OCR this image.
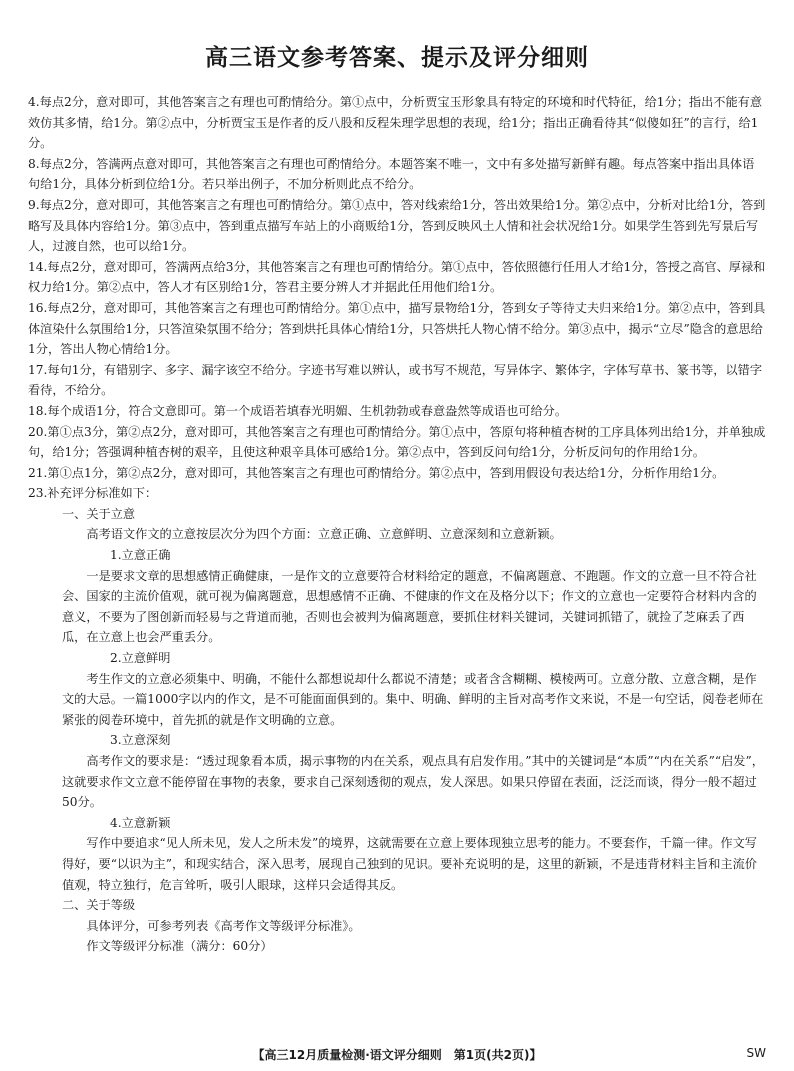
高三语文参考答案、提示及评分细则

4.每点2分，意对即可，其他答案言之有理也可酌情给分。第①点中，分析贾宝玉形象具有特定的环境和时代特征，给1分；指出不能有意效仿其多情，给1分。第②点中，分析贾宝玉是作者的反八股和反程朱理学思想的表现，给1分；指出正确看待其“似傻如狂”的言行，给1分。

8.每点2分，答满两点意对即可，其他答案言之有理也可酌情给分。本题答案不唯一，文中有多处描写新鲜有趣。每点答案中指出具体语句给1分，具体分析到位给1分。若只举出例子，不加分析则此点不给分。

9.每点2分，意对即可，其他答案言之有理也可酌情给分。第①点中，答对线索给1分，答出效果给1分。第②点中，分析对比给1分，答到略写及具体内容给1分。第③点中，答到重点描写车站上的小商贩给1分，答到反映风土人情和社会状况给1分。如果学生答到先写景后写人，过渡自然，也可以给1分。

14.每点2分，意对即可，答满两点给3分，其他答案言之有理也可酌情给分。第①点中，答依照德行任用人才给1分，答授之高官、厚禄和权力给1分。第②点中，答人才有区别给1分，答君主要分辨人才并据此任用他们给1分。

16.每点2分，意对即可，其他答案言之有理也可酌情给分。第①点中，描写景物给1分，答到女子等待丈夫归来给1分。第②点中，答到具体渲染什么氛围给1分，只答渲染氛围不给分；答到烘托具体心情给1分，只答烘托人物心情不给分。第③点中，揭示“立尽”隐含的意思给1分，答出人物心情给1分。

17.每句1分，有错别字、多字、漏字该空不给分。字迹书写难以辨认，或书写不规范，写异体字、繁体字，字体写草书、篆书等，以错字看待，不给分。

18.每个成语1分，符合文意即可。第一个成语若填春光明媚、生机勃勃或春意盎然等成语也可给分。

20.第①点3分，第②点2分，意对即可，其他答案言之有理也可酌情给分。第①点中，答原句将种植杏树的工序具体列出给1分，并单独成句，给1分；答强调种植杏树的艰辛，且使这种艰辛具体可感给1分。第②点中，答到反问句给1分，分析反问句的作用给1分。

21.第①点1分，第②点2分，意对即可，其他答案言之有理也可酌情给分。第②点中，答到用假设句表达给1分，分析作用给1分。

23.补充评分标准如下：

一、关于立意

高考语文作文的立意按层次分为四个方面：立意正确、立意鲜明、立意深刻和立意新颖。

1.立意正确

一是要求文章的思想感情正确健康，一是作文的立意要符合材料给定的题意，不偏离题意、不跑题。作文的立意一旦不符合社会、国家的主流价值观，就可视为偏离题意，思想感情不正确、不健康的作文在及格分以下；作文的立意也一定要符合材料内含的意义，不要为了图创新而轻易与之背道而驰，否则也会被判为偏离题意，要抓住材料关键词，关键词抓错了，就捡了芝麻丢了西瓜，在立意上也会严重丢分。

2.立意鲜明

考生作文的立意必须集中、明确，不能什么都想说却什么都说不清楚；或者含含糊糊、模棱两可。立意分散、立意含糊，是作文的大忌。一篇1000字以内的作文，是不可能面面俱到的。集中、明确、鲜明的主旨对高考作文来说，不是一句空话，阅卷老师在紧张的阅卷环境中，首先抓的就是作文明确的立意。

3.立意深刻

高考作文的要求是：“透过现象看本质，揭示事物的内在关系，观点具有启发作用。”其中的关键词是“本质”“内在关系”“启发”，这就要求作文立意不能停留在事物的表象，要求自己深刻透彻的观点，发人深思。如果只停留在表面，泛泛而谈，得分一般不超过50分。

4.立意新颖

写作中要追求“见人所未见，发人之所未发”的境界，这就需要在立意上要体现独立思考的能力。不要套作，千篇一律。作文写得好，要“以识为主”，和现实结合，深入思考，展现自己独到的见识。要补充说明的是，这里的新颖，不是违背材料主旨和主流价值观，特立独行，危言耸听，吸引人眼球，这样只会适得其反。

二、关于等级

具体评分，可参考列表《高考作文等级评分标准》。

作文等级评分标准（满分：60分）

【高三12月质量检测·语文评分细则　第1页(共2页)】	SW
